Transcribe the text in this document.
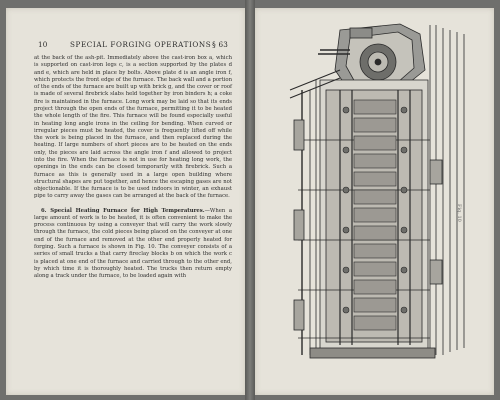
10	SPECIAL FORGING OPERATIONS § 63

at the back of the ash-pit. Immediately above the cast-iron box a, which is supported on cast-iron legs c, is a section supported by the plates d and e, which are held in place by bolts. Above plate d is an angle iron f, which protects the front edge of the furnace. The back wall and a portion of the ends of the furnace are built up with brick g, and the cover or roof is made of several firebrick slabs held together by iron binders h; a coke fire is maintained in the furnace. Long work may be laid so that its ends project through the open ends of the furnace, permitting it to be heated the whole length of the fire. This furnace will be found especially useful in heating long angle irons in the ceiling for bending. When curved or irregular pieces must be heated, the cover is frequently lifted off while the work is being placed in the furnace, and then replaced during the heating. If large numbers of short pieces are to be heated on the ends only, the pieces are laid across the angle iron f and allowed to project into the fire. When the furnace is not in use for heating long work, the openings in the ends can be closed temporarily with firebrick. Such a furnace as this is generally used in a large open building where structural shapes are put together, and hence the escaping gases are not objectionable. If the furnace is to be used indoors in winter, an exhaust pipe to carry away the gases can be arranged at the back of the furnace.

6. Special Heating Furnace for High Temperatures.—When a large amount of work is to be heated, it is often convenient to make the process continuous by using a conveyer that will carry the work slowly through the furnace, the cold pieces being placed on the conveyer at one end of the furnace and removed at the other end properly heated for forging. Such a furnace is shown in Fig. 10. The conveyer consists of a series of small trucks a that carry fireclay blocks b on which the work c is placed at one end of the furnace and carried through to the other end, by which time it is thoroughly heated. The trucks then return empty along a track under the furnace, to be loaded again with

Fig. 10
